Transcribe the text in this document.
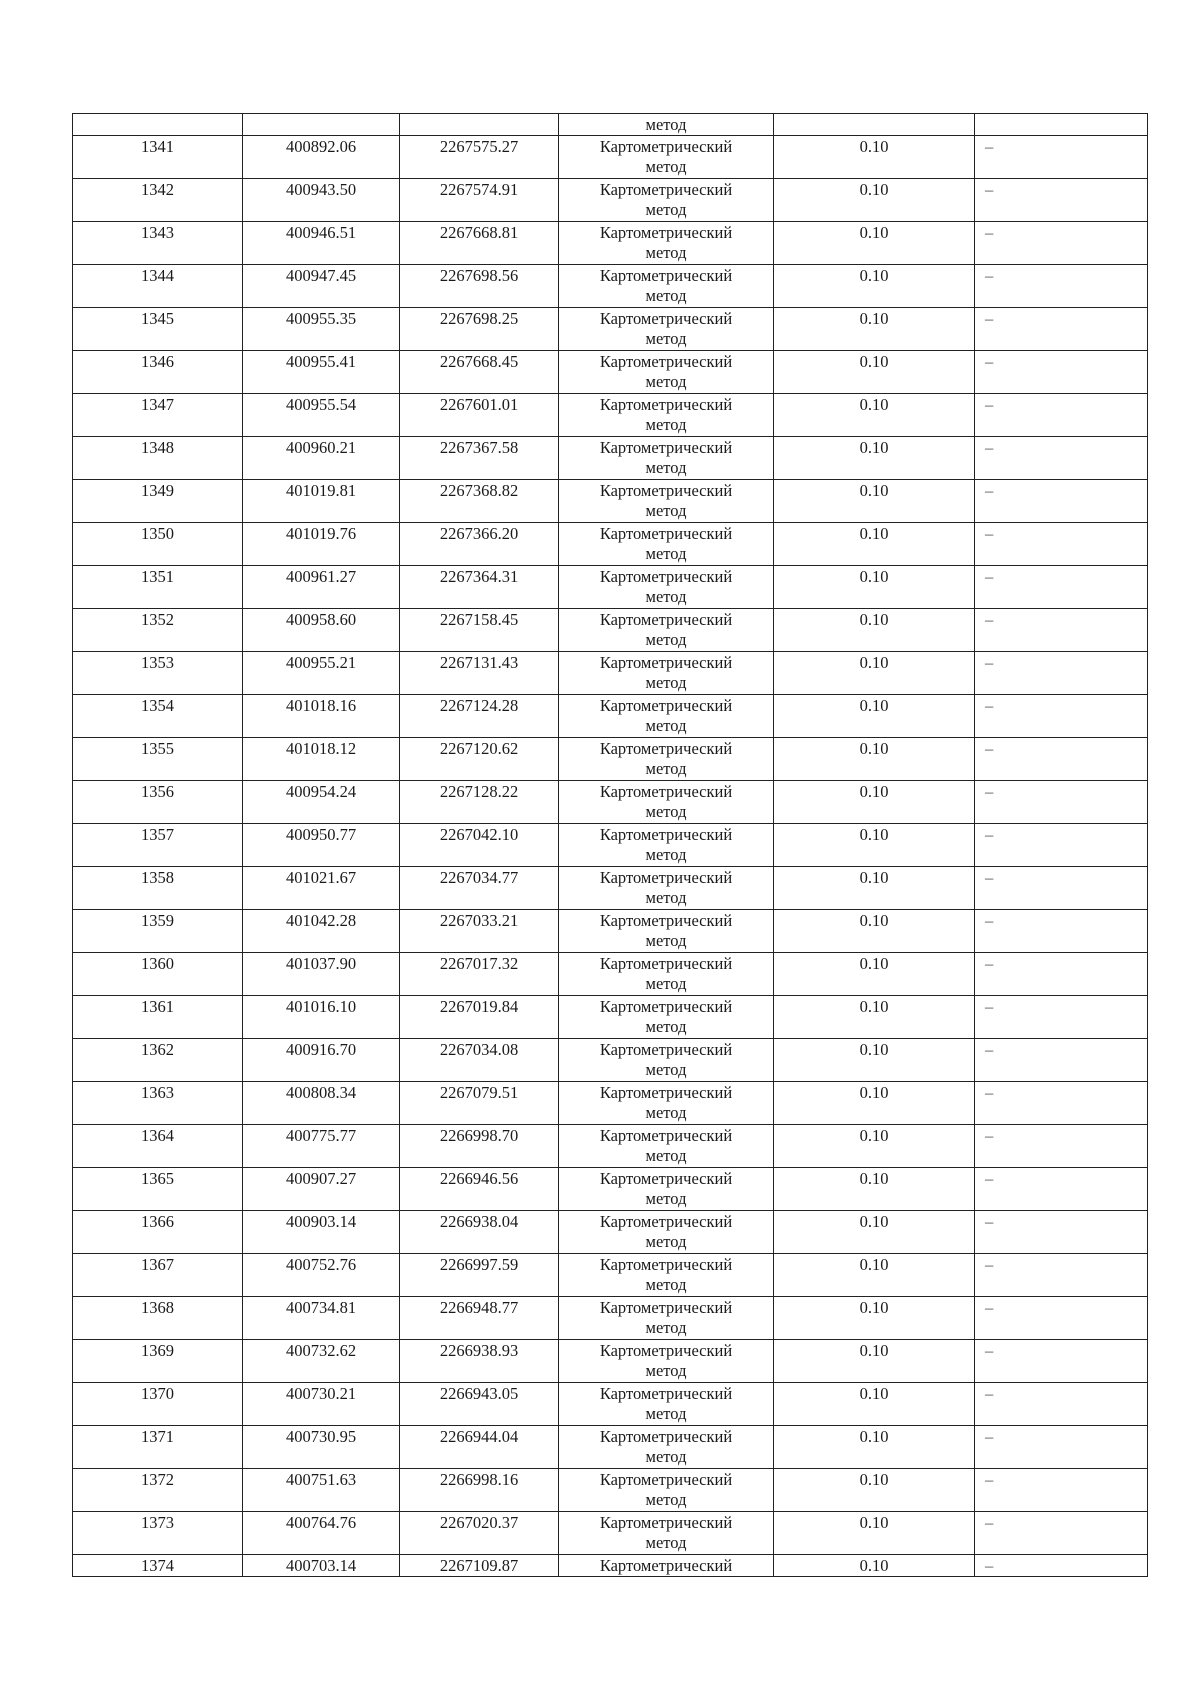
			метод		

1341	400892.06	2267575.27	Картометрический
метод	0.10	–

1342	400943.50	2267574.91	Картометрический
метод	0.10	–

1343	400946.51	2267668.81	Картометрический
метод	0.10	–

1344	400947.45	2267698.56	Картометрический
метод	0.10	–

1345	400955.35	2267698.25	Картометрический
метод	0.10	–

1346	400955.41	2267668.45	Картометрический
метод	0.10	–

1347	400955.54	2267601.01	Картометрический
метод	0.10	–

1348	400960.21	2267367.58	Картометрический
метод	0.10	–

1349	401019.81	2267368.82	Картометрический
метод	0.10	–

1350	401019.76	2267366.20	Картометрический
метод	0.10	–

1351	400961.27	2267364.31	Картометрический
метод	0.10	–

1352	400958.60	2267158.45	Картометрический
метод	0.10	–

1353	400955.21	2267131.43	Картометрический
метод	0.10	–

1354	401018.16	2267124.28	Картометрический
метод	0.10	–

1355	401018.12	2267120.62	Картометрический
метод	0.10	–

1356	400954.24	2267128.22	Картометрический
метод	0.10	–

1357	400950.77	2267042.10	Картометрический
метод	0.10	–

1358	401021.67	2267034.77	Картометрический
метод	0.10	–

1359	401042.28	2267033.21	Картометрический
метод	0.10	–

1360	401037.90	2267017.32	Картометрический
метод	0.10	–

1361	401016.10	2267019.84	Картометрический
метод	0.10	–

1362	400916.70	2267034.08	Картометрический
метод	0.10	–

1363	400808.34	2267079.51	Картометрический
метод	0.10	–

1364	400775.77	2266998.70	Картометрический
метод	0.10	–

1365	400907.27	2266946.56	Картометрический
метод	0.10	–

1366	400903.14	2266938.04	Картометрический
метод	0.10	–

1367	400752.76	2266997.59	Картометрический
метод	0.10	–

1368	400734.81	2266948.77	Картометрический
метод	0.10	–

1369	400732.62	2266938.93	Картометрический
метод	0.10	–

1370	400730.21	2266943.05	Картометрический
метод	0.10	–

1371	400730.95	2266944.04	Картометрический
метод	0.10	–

1372	400751.63	2266998.16	Картометрический
метод	0.10	–

1373	400764.76	2267020.37	Картометрический
метод	0.10	–

1374	400703.14	2267109.87	Картометрический	0.10	–
